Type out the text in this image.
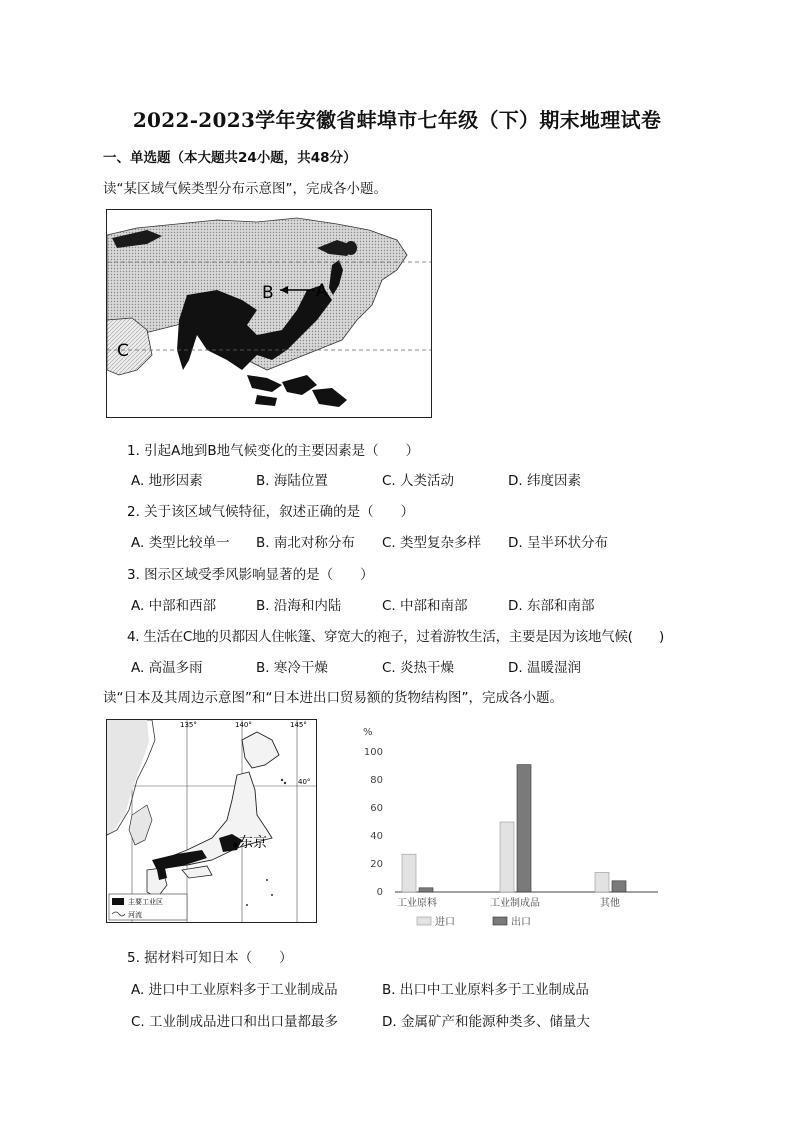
2022-2023学年安徽省蚌埠市七年级（下）期末地理试卷
一、单选题（本大题共24小题，共48分）
读“某区域气候类型分布示意图”，完成各小题。
B A
C
1. 引起A地到B地气候变化的主要因素是（　　）
A. 地形因素	B. 海陆位置	C. 人类活动	D. 纬度因素
2. 关于该区域气候特征，叙述正确的是（　　）
A. 类型比较单一 B. 南北对称分布 C. 类型复杂多样 D. 呈半环状分布
3. 图示区域受季风影响显著的是（　　）
A. 中部和西部	B. 沿海和内陆	C. 中部和南部	D. 东部和南部
4. 生活在C地的贝都因人住帐篷、穿宽大的袍子，过着游牧生活，主要是因为该地气候(　　)
A. 高温多雨	B. 寒冷干燥	C. 炎热干燥	D. 温暖湿润
读“日本及其周边示意图”和“日本进出口贸易额的货物结构图”，完成各小题。
135°	140°	145°
40°
东京
主要工业区
河流
%
0
20
40
60
80
100
工业原料	工业制成品	其他
进口	出口
5. 据材料可知日本（　　）
A. 进口中工业原料多于工业制成品	B. 出口中工业原料多于工业制成品
C. 工业制成品进口和出口量都最多	D. 金属矿产和能源种类多、储量大
